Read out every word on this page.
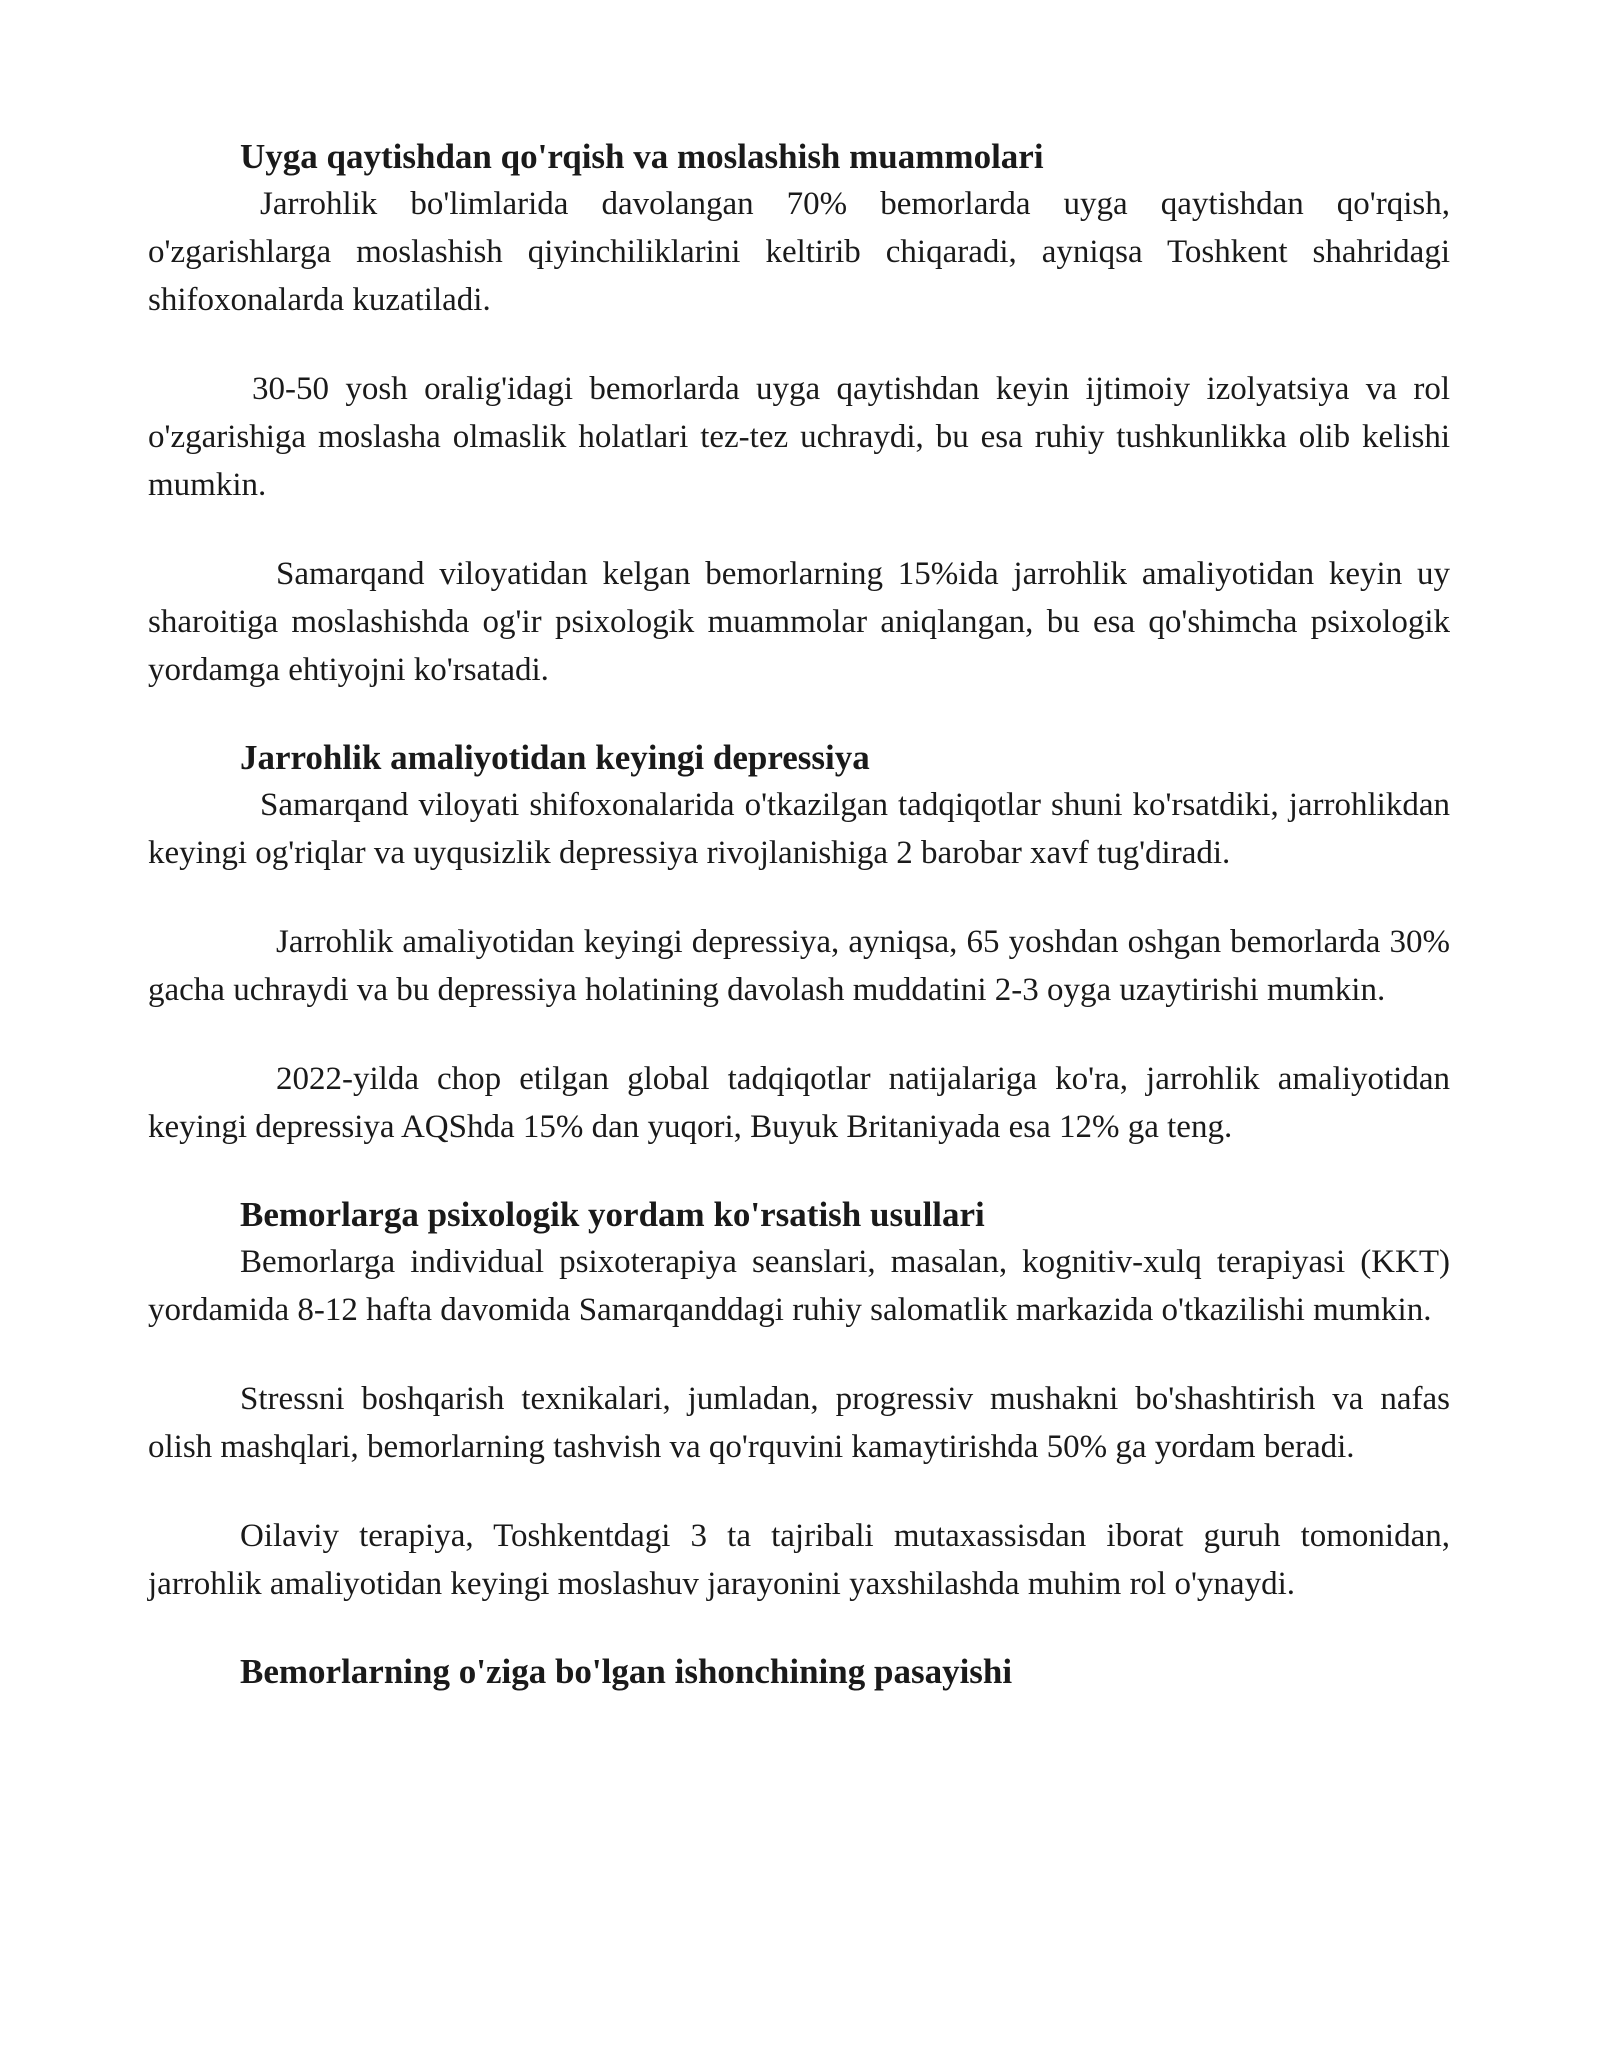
Uyga qaytishdan qo'rqish va moslashish muammolari

Jarrohlik bo'limlarida davolangan 70% bemorlarda uyga qaytishdan qo'rqish, o'zgarishlarga moslashish qiyinchiliklarini keltirib chiqaradi, ayniqsa Toshkent shahridagi shifoxonalarda kuzatiladi.

30-50 yosh oralig'idagi bemorlarda uyga qaytishdan keyin ijtimoiy izolyatsiya va rol o'zgarishiga moslasha olmaslik holatlari tez-tez uchraydi, bu esa ruhiy tushkunlikka olib kelishi mumkin.

Samarqand viloyatidan kelgan bemorlarning 15%ida jarrohlik amaliyotidan keyin uy sharoitiga moslashishda og'ir psixologik muammolar aniqlangan, bu esa qo'shimcha psixologik yordamga ehtiyojni ko'rsatadi.

Jarrohlik amaliyotidan keyingi depressiya

Samarqand viloyati shifoxonalarida o'tkazilgan tadqiqotlar shuni ko'rsatdiki, jarrohlikdan keyingi og'riqlar va uyqusizlik depressiya rivojlanishiga 2 barobar xavf tug'diradi.

Jarrohlik amaliyotidan keyingi depressiya, ayniqsa, 65 yoshdan oshgan bemorlarda 30% gacha uchraydi va bu depressiya holatining davolash muddatini 2-3 oyga uzaytirishi mumkin.

2022-yilda chop etilgan global tadqiqotlar natijalariga ko'ra, jarrohlik amaliyotidan keyingi depressiya AQShda 15% dan yuqori, Buyuk Britaniyada esa 12% ga teng.

Bemorlarga psixologik yordam ko'rsatish usullari

Bemorlarga individual psixoterapiya seanslari, masalan, kognitiv-xulq terapiyasi (KKT) yordamida 8-12 hafta davomida Samarqanddagi ruhiy salomatlik markazida o'tkazilishi mumkin.

Stressni boshqarish texnikalari, jumladan, progressiv mushakni bo'shashtirish va nafas olish mashqlari, bemorlarning tashvish va qo'rquvini kamaytirishda 50% ga yordam beradi.

Oilaviy terapiya, Toshkentdagi 3 ta tajribali mutaxassisdan iborat guruh tomonidan, jarrohlik amaliyotidan keyingi moslashuv jarayonini yaxshilashda muhim rol o'ynaydi.

Bemorlarning o'ziga bo'lgan ishonchining pasayishi
